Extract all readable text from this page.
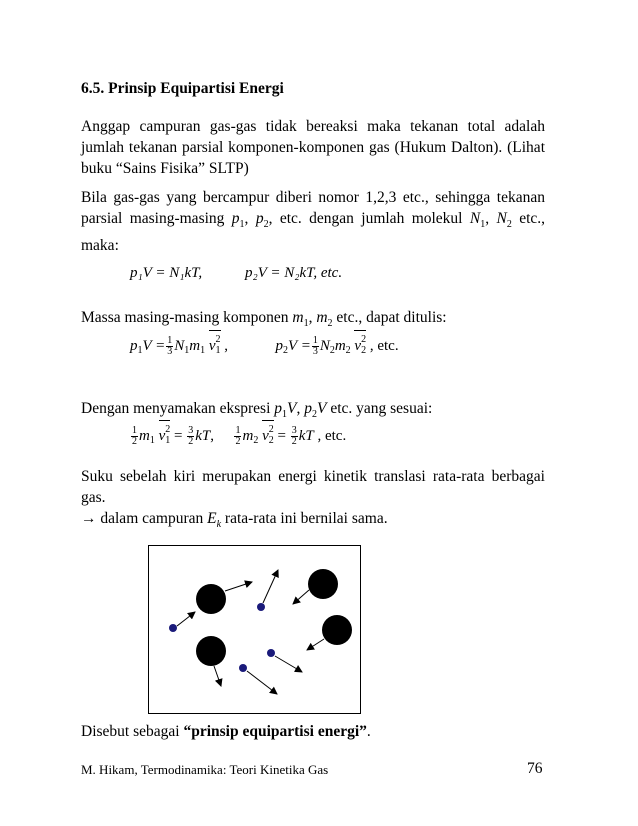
6.5. Prinsip Equipartisi Energi
Anggap campuran gas-gas tidak bereaksi maka tekanan total adalah jumlah tekanan parsial komponen-komponen gas (Hukum Dalton). (Lihat buku “Sains Fisika” SLTP)
Bila gas-gas yang bercampur diberi nomor 1,2,3 etc., sehingga tekanan parsial masing-masing $p_1$, $p_2$, etc. dengan jumlah molekul $N_1$, $N_2$ etc., maka:
p₁V = N₁kT,	p₂V = N₂kT, etc.
Massa masing-masing komponen $m_1$, $m_2$ etc., dapat ditulis:
$p_1V = \frac{1}{3} N_1m_1$ $v_1^2$ ,	$p_2V = \frac{1}{3} N_2m_2$ $v_2^2$ , etc.
Dengan menyamakan ekspresi $p_1V$, $p_2V$ etc. yang sesuai:
$\frac{1}{2} m_1$ $v_1^2 = \frac{3}{2}$ kT, $\frac{1}{2} m_2$ $v_2^2 = \frac{3}{2}$ kT , etc.
Suku sebelah kiri merupakan energi kinetik translasi rata-rata berbagai gas.
→ dalam campuran $E_k$ rata-rata ini bernilai sama.
Disebut sebagai “prinsip equipartisi energi”.
M. Hikam, Termodinamika: Teori Kinetika Gas	76
